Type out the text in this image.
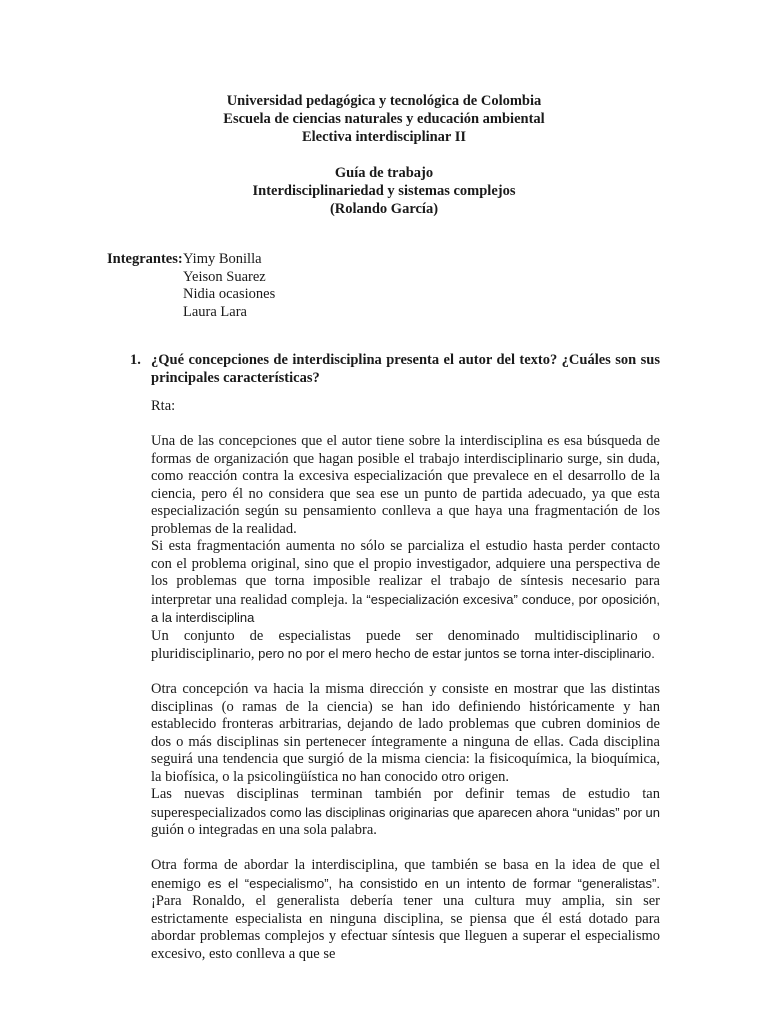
Universidad pedagógica y tecnológica de Colombia
Escuela de ciencias naturales y educación ambiental
Electiva interdisciplinar II
Guía de trabajo
Interdisciplinariedad y sistemas complejos
(Rolando García)
Integrantes: Yimy Bonilla
Yeison Suarez
Nidia ocasiones
Laura Lara
1. ¿Qué concepciones de interdisciplina presenta el autor del texto? ¿Cuáles son sus principales características?

Rta:

Una de las concepciones que el autor tiene sobre la interdisciplina es esa búsqueda de formas de organización que hagan posible el trabajo interdisciplinario surge, sin duda, como reacción contra la excesiva especialización que prevalece en el desarrollo de la ciencia, pero él no considera que sea ese un punto de partida adecuado, ya que esta especialización según su pensamiento conlleva a que haya una fragmentación de los problemas de la realidad.

Si esta fragmentación aumenta no sólo se parcializa el estudio hasta perder contacto con el problema original, sino que el propio investigador, adquiere una perspectiva de los problemas que torna imposible realizar el trabajo de síntesis necesario para interpretar una realidad compleja. la “especialización excesiva” conduce, por oposición, a la interdisciplina

Un conjunto de especialistas puede ser denominado multidisciplinario o pluridisciplinario, pero no por el mero hecho de estar juntos se torna inter-disciplinario.

Otra concepción va hacia la misma dirección y consiste en mostrar que las distintas disciplinas (o ramas de la ciencia) se han ido definiendo históricamente y han establecido fronteras arbitrarias, dejando de lado problemas que cubren dominios de dos o más disciplinas sin pertenecer íntegramente a ninguna de ellas. Cada disciplina seguirá una tendencia que surgió de la misma ciencia: la fisicoquímica, la bioquímica, la biofísica, o la psicolingüística no han conocido otro origen.

Las nuevas disciplinas terminan también por definir temas de estudio tan superespecializados como las disciplinas originarias que aparecen ahora “unidas” por un guión o integradas en una sola palabra.

Otra forma de abordar la interdisciplina, que también se basa en la idea de que el enemigo es el “especialismo”, ha consistido en un intento de formar “generalistas”. ¡Para Ronaldo, el generalista debería tener una cultura muy amplia, sin ser estrictamente especialista en ninguna disciplina, se piensa que él está dotado para abordar problemas complejos y efectuar síntesis que lleguen a superar el especialismo excesivo, esto conlleva a que se
